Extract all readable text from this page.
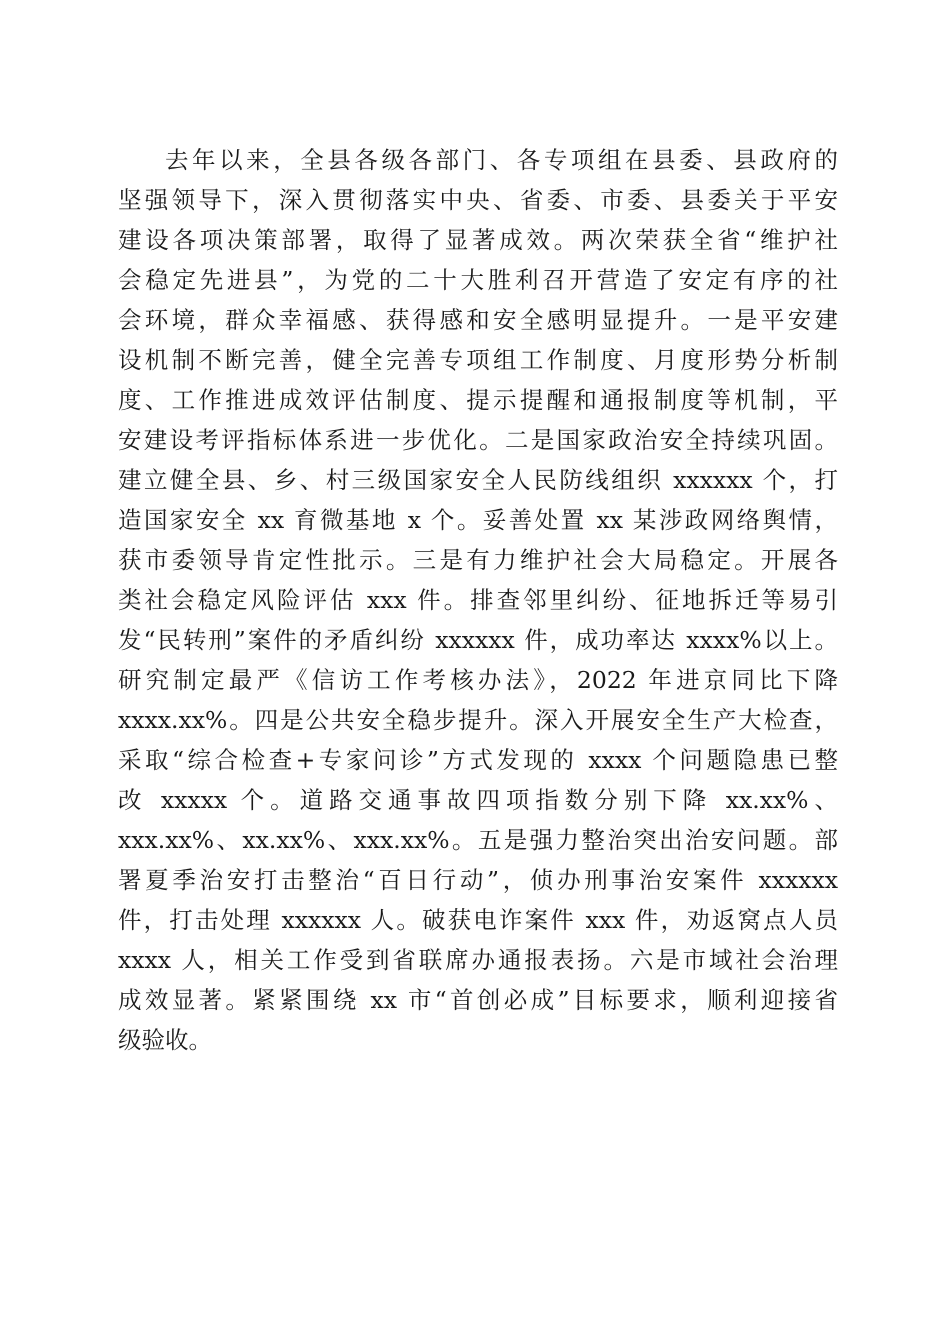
去年以来，全县各级各部门、各专项组在县委、县政府的
坚强领导下，深入贯彻落实中央、省委、市委、县委关于平安
建设各项决策部署，取得了显著成效。两次荣获全省“维护社
会稳定先进县”，为党的二十大胜利召开营造了安定有序的社
会环境，群众幸福感、获得感和安全感明显提升。一是平安建
设机制不断完善，健全完善专项组工作制度、月度形势分析制
度、工作推进成效评估制度、提示提醒和通报制度等机制，平
安建设考评指标体系进一步优化。二是国家政治安全持续巩固。
建立健全县、乡、村三级国家安全人民防线组织 xxxxxx 个，打
造国家安全 xx 育微基地 x 个。妥善处置 xx 某涉政网络舆情，
获市委领导肯定性批示。三是有力维护社会大局稳定。开展各
类社会稳定风险评估 xxx 件。排查邻里纠纷、征地拆迁等易引
发“民转刑”案件的矛盾纠纷 xxxxxx 件，成功率达 xxxx%以上。
研究制定最严《信访工作考核办法》，2022 年进京同比下降
xxxx.xx%。四是公共安全稳步提升。深入开展安全生产大检查，
采取“综合检查+专家问诊”方式发现的 xxxx 个问题隐患已整
改 xxxxx 个。道路交通事故四项指数分别下降 xx.xx%、
xxx.xx%、xx.xx%、xxx.xx%。五是强力整治突出治安问题。部
署夏季治安打击整治“百日行动”，侦办刑事治安案件 xxxxxx
件，打击处理 xxxxxx 人。破获电诈案件 xxx 件，劝返窝点人员
xxxx 人，相关工作受到省联席办通报表扬。六是市域社会治理
成效显著。紧紧围绕 xx 市“首创必成”目标要求，顺利迎接省
级验收。
